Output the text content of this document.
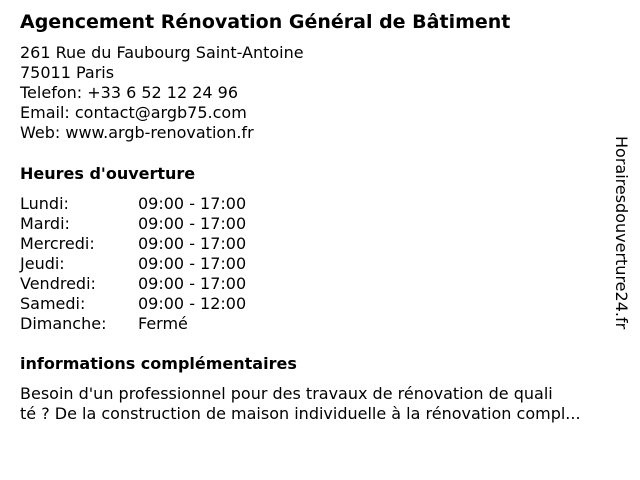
Agencement Rénovation Général de Bâtiment
261 Rue du Faubourg Saint-Antoine
75011 Paris
Telefon: +33 6 52 12 24 96
Email: contact@argb75.com
Web: www.argb-renovation.fr
Heures d'ouverture
Lundi:	09:00 - 17:00
Mardi:	09:00 - 17:00
Mercredi:	09:00 - 17:00
Jeudi:	09:00 - 17:00
Vendredi:	09:00 - 17:00
Samedi:	09:00 - 12:00
Dimanche: Fermé
informations complémentaires
Besoin d'un professionnel pour des travaux de rénovation de quali
té ? De la construction de maison individuelle à la rénovation compl...
Horairesdouverture24.fr
